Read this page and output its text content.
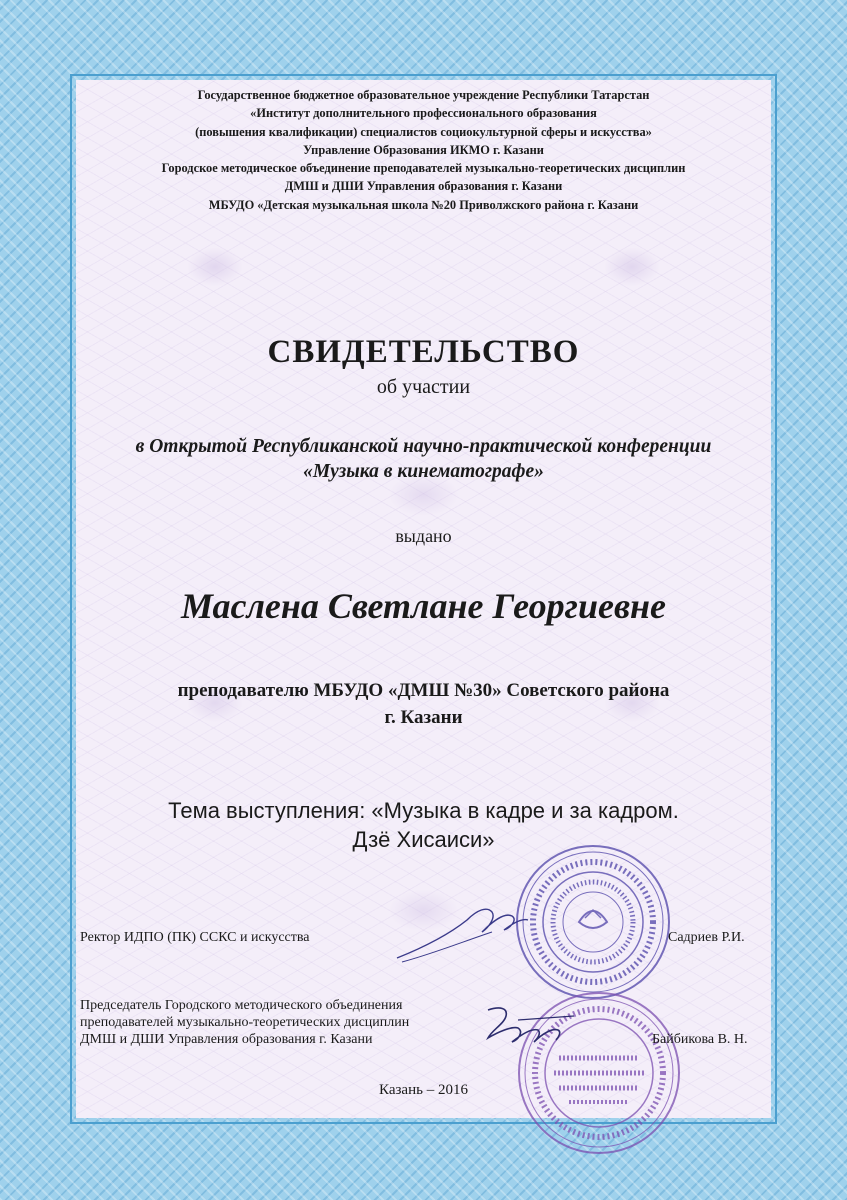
Государственное бюджетное образовательное учреждение Республики Татарстан
«Институт дополнительного профессионального образования
(повышения квалификации) специалистов социокультурной сферы и искусства»
Управление Образования ИКМО г. Казани
Городское методическое объединение преподавателей музыкально-теоретических дисциплин
ДМШ и ДШИ Управления образования г. Казани
МБУДО «Детская музыкальная школа №20 Приволжского района г. Казани
СВИДЕТЕЛЬСТВО
об участии
в Открытой Республиканской научно-практической конференции
«Музыка в кинематографе»
выдано
Маслена Светлане Георгиевне
преподавателю МБУДО «ДМШ №30» Советского района
г. Казани
Тема выступления: «Музыка в кадре и за кадром.
Дзё Хисаиси»
Ректор ИДПО (ПК) ССКС и искусства	Садриев Р.И.
Председатель Городского методического объединения
преподавателей музыкально-теоретических дисциплин
ДМШ и ДШИ Управления образования г. Казани	Байбикова В. Н.
Казань – 2016
